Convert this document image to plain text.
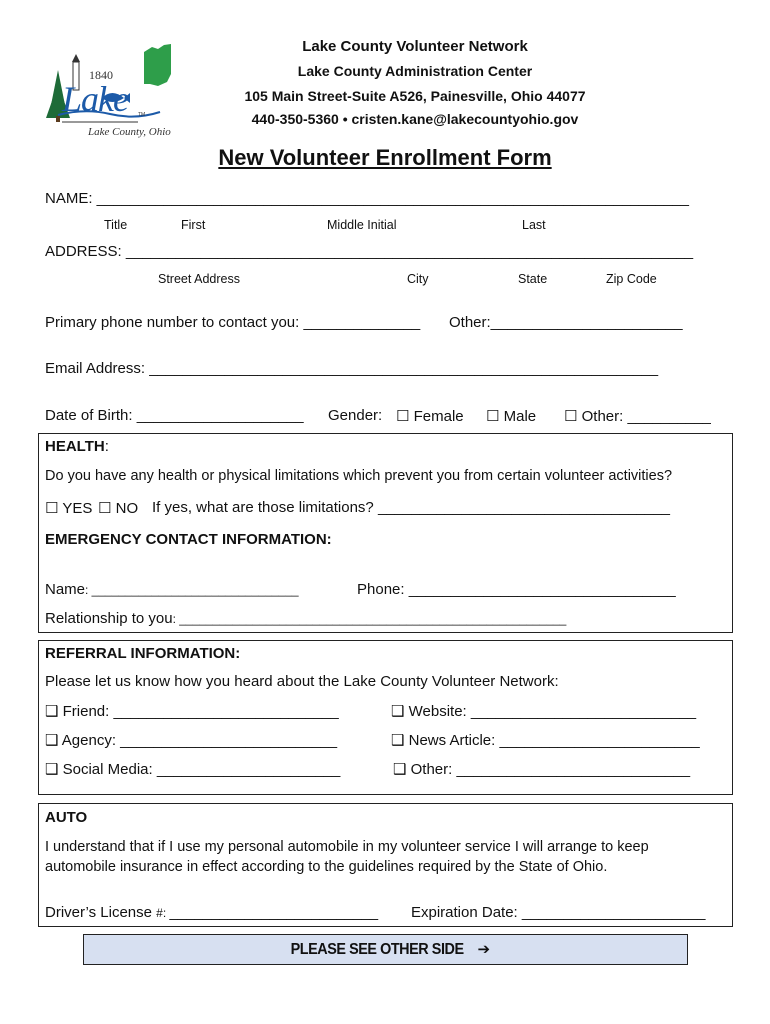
1840
Lake TM
Lake County, Ohio
Lake County Volunteer Network
Lake County Administration Center
105 Main Street-Suite A526, Painesville, Ohio 44077
440-350-5360 • cristen.kane@lakecountyohio.gov
New Volunteer Enrollment Form
NAME: _______________________________________________________________________
Title	First	Middle Initial	Last
ADDRESS: ____________________________________________________________________
Street Address	City	State	Zip Code
Primary phone number to contact you: ______________ Other:_______________________
Email Address: _____________________________________________________________
Date of Birth: ____________________ Gender: ☐ Female ☐ Male ☐ Other: __________
HEALTH:
Do you have any health or physical limitations which prevent you from certain volunteer activities?
☐ YES ☐ NO If yes, what are those limitations? ___________________________________
EMERGENCY CONTACT INFORMATION:
Name: _______________________________	Phone: ________________________________
Relationship to you: __________________________________________________________
REFERRAL INFORMATION:
Please let us know how you heard about the Lake County Volunteer Network:
❑ Friend: ___________________________	❑ Website: ___________________________
❑ Agency: __________________________	❑ News Article: ________________________
❑ Social Media: ______________________	❑ Other: ____________________________
AUTO
I understand that if I use my personal automobile in my volunteer service I will arrange to keep
automobile insurance in effect according to the guidelines required by the State of Ohio.
Driver’s License #: _________________________ Expiration Date: ______________________
PLEASE SEE OTHER SIDE ➔
